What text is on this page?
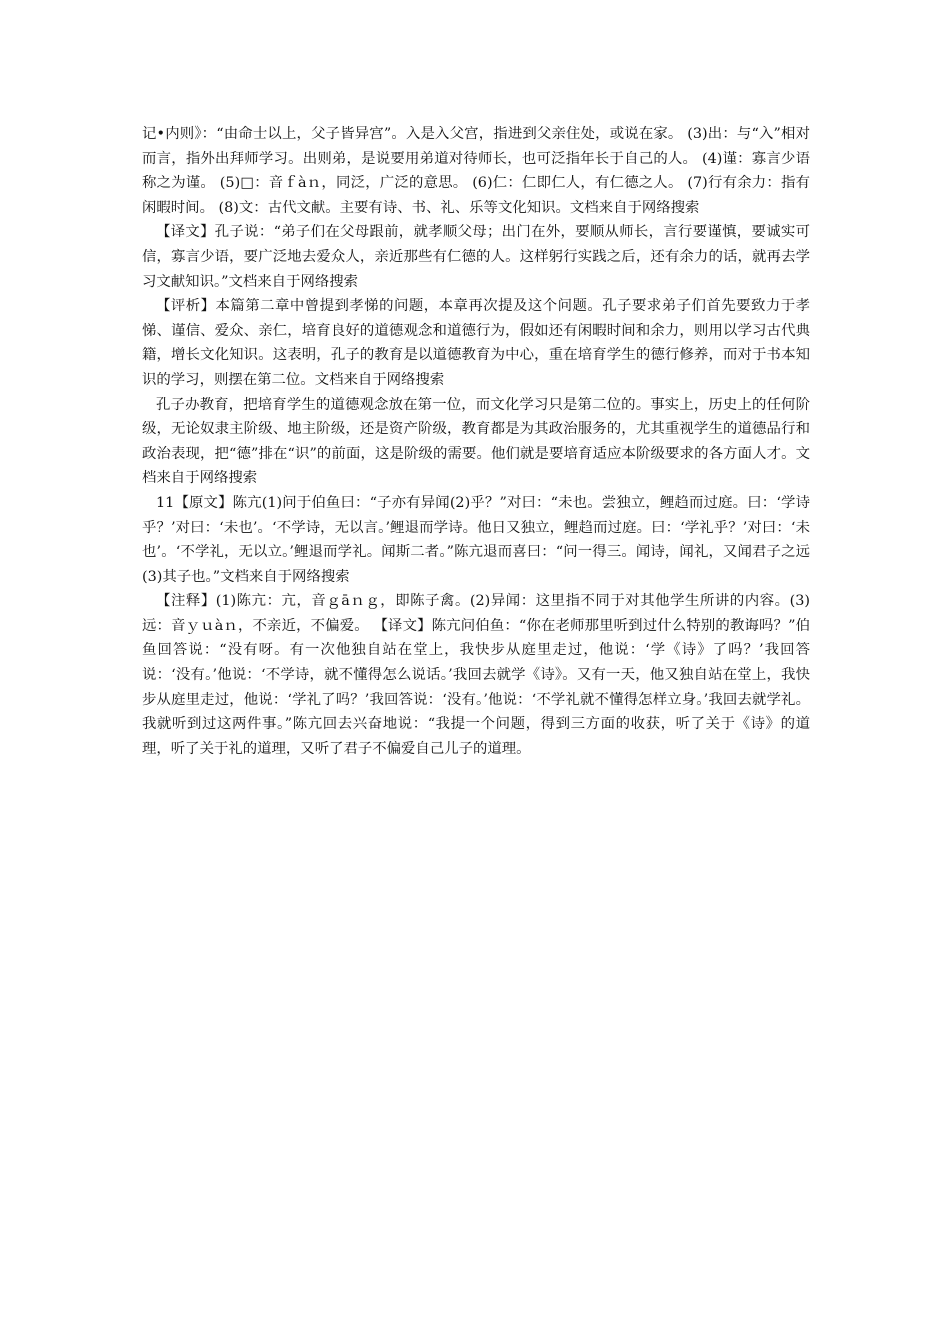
记•内则》：“由命士以上，父子皆异宫”。入是入父宫，指进到父亲住处，或说在家。 (3)出：与“入”相对而言，指外出拜师学习。出则弟，是说要用弟道对待师长，也可泛指年长于自己的人。 (4)谨：寡言少语称之为谨。 (5)□：音ｆàｎ，同泛，广泛的意思。 (6)仁：仁即仁人，有仁德之人。 (7)行有余力：指有闲暇时间。 (8)文：古代文献。主要有诗、书、礼、乐等文化知识。文档来自于网络搜索

【译文】孔子说：“弟子们在父母跟前，就孝顺父母；出门在外，要顺从师长，言行要谨慎，要诚实可信，寡言少语，要广泛地去爱众人，亲近那些有仁德的人。这样躬行实践之后，还有余力的话，就再去学习文献知识。”文档来自于网络搜索

【评析】本篇第二章中曾提到孝悌的问题，本章再次提及这个问题。孔子要求弟子们首先要致力于孝悌、谨信、爱众、亲仁，培育良好的道德观念和道德行为，假如还有闲暇时间和余力，则用以学习古代典籍，增长文化知识。这表明，孔子的教育是以道德教育为中心，重在培育学生的德行修养，而对于书本知识的学习，则摆在第二位。文档来自于网络搜索

孔子办教育，把培育学生的道德观念放在第一位，而文化学习只是第二位的。事实上，历史上的任何阶级，无论奴隶主阶级、地主阶级，还是资产阶级，教育都是为其政治服务的，尤其重视学生的道德品行和政治表现，把“德”排在“识”的前面，这是阶级的需要。他们就是要培育适应本阶级要求的各方面人才。文档来自于网络搜索

11【原文】陈亢(1)问于伯鱼曰：“子亦有异闻(2)乎？”对曰：“未也。尝独立，鲤趋而过庭。曰：‘学诗乎？’对曰：‘未也’。‘不学诗，无以言。’鲤退而学诗。他日又独立，鲤趋而过庭。曰：‘学礼乎？’对曰：‘未也’。‘不学礼，无以立。’鲤退而学礼。闻斯二者。”陈亢退而喜曰：“问一得三。闻诗，闻礼，又闻君子之远(3)其子也。”文档来自于网络搜索

【注释】(1)陈亢：亢，音ｇāｎｇ，即陈子禽。(2)异闻：这里指不同于对其他学生所讲的内容。(3)远：音ｙｕàｎ，不亲近，不偏爱。 【译文】陈亢问伯鱼：“你在老师那里听到过什么特别的教诲吗？”伯鱼回答说：“没有呀。有一次他独自站在堂上，我快步从庭里走过，他说：‘学《诗》了吗？’我回答说：‘没有。’他说：‘不学诗，就不懂得怎么说话。’我回去就学《诗》。又有一天，他又独自站在堂上，我快步从庭里走过，他说：‘学礼了吗？’我回答说：‘没有。’他说：‘不学礼就不懂得怎样立身。’我回去就学礼。我就听到过这两件事。”陈亢回去兴奋地说：“我提一个问题，得到三方面的收获，听了关于《诗》的道理，听了关于礼的道理，又听了君子不偏爱自己儿子的道理。
